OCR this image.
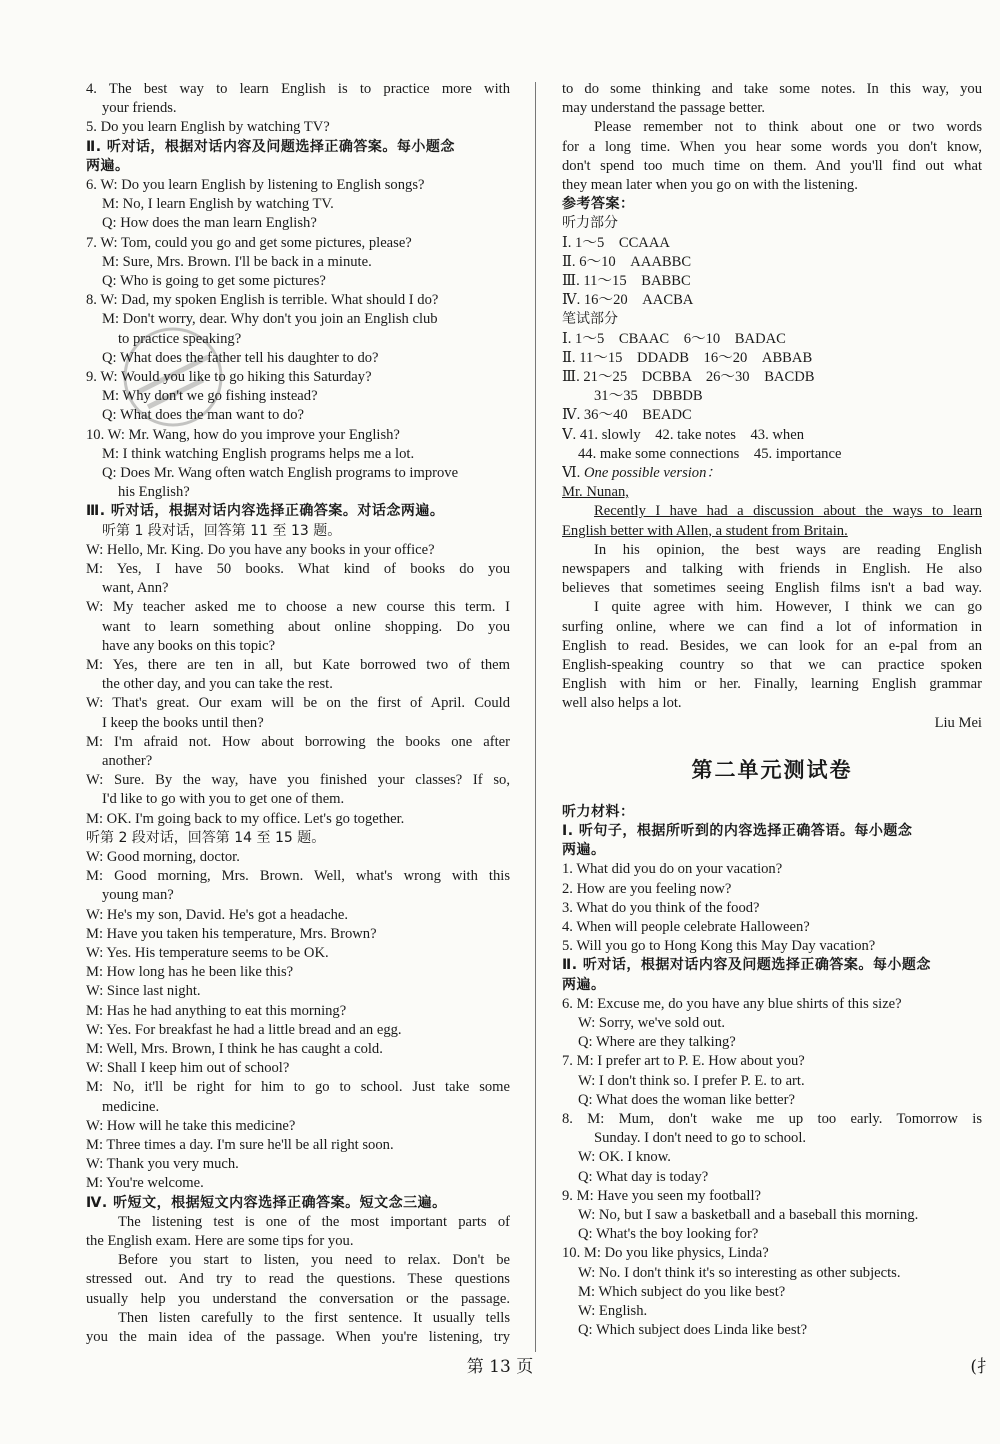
4. The best way to learn English is to practice more with
your friends.
5. Do you learn English by watching TV?
Ⅱ. 听对话，根据对话内容及问题选择正确答案。每小题念
两遍。
6. W: Do you learn English by listening to English songs?
M: No, I learn English by watching TV.
Q: How does the man learn English?
7. W: Tom, could you go and get some pictures, please?
M: Sure, Mrs. Brown. I'll be back in a minute.
Q: Who is going to get some pictures?
8. W: Dad, my spoken English is terrible. What should I do?
M: Don't worry, dear. Why don't you join an English club
to practice speaking?
Q: What does the father tell his daughter to do?
9. W: Would you like to go hiking this Saturday?
M: Why don't we go fishing instead?
Q: What does the man want to do?
10. W: Mr. Wang, how do you improve your English?
M: I think watching English programs helps me a lot.
Q: Does Mr. Wang often watch English programs to improve
his English?
Ⅲ. 听对话，根据对话内容选择正确答案。对话念两遍。
听第 1 段对话，回答第 11 至 13 题。
W: Hello, Mr. King. Do you have any books in your office?
M: Yes, I have 50 books. What kind of books do you
want, Ann?
W: My teacher asked me to choose a new course this term. I
want to learn something about online shopping. Do you
have any books on this topic?
M: Yes, there are ten in all, but Kate borrowed two of them
the other day, and you can take the rest.
W: That's great. Our exam will be on the first of April. Could
I keep the books until then?
M: I'm afraid not. How about borrowing the books one after
another?
W: Sure. By the way, have you finished your classes? If so,
I'd like to go with you to get one of them.
M: OK. I'm going back to my office. Let's go together.
听第 2 段对话，回答第 14 至 15 题。
W: Good morning, doctor.
M: Good morning, Mrs. Brown. Well, what's wrong with this
young man?
W: He's my son, David. He's got a headache.
M: Have you taken his temperature, Mrs. Brown?
W: Yes. His temperature seems to be OK.
M: How long has he been like this?
W: Since last night.
M: Has he had anything to eat this morning?
W: Yes. For breakfast he had a little bread and an egg.
M: Well, Mrs. Brown, I think he has caught a cold.
W: Shall I keep him out of school?
M: No, it'll be right for him to go to school. Just take some
medicine.
W: How will he take this medicine?
M: Three times a day. I'm sure he'll be all right soon.
W: Thank you very much.
M: You're welcome.
Ⅳ. 听短文，根据短文内容选择正确答案。短文念三遍。
The listening test is one of the most important parts of
the English exam. Here are some tips for you.
Before you start to listen, you need to relax. Don't be
stressed out. And try to read the questions. These questions
usually help you understand the conversation or the passage.
Then listen carefully to the first sentence. It usually tells
you the main idea of the passage. When you're listening, try
to do some thinking and take some notes. In this way, you
may understand the passage better.
Please remember not to think about one or two words
for a long time. When you hear some words you don't know,
don't spend too much time on them. And you'll find out what
they mean later when you go on with the listening.
参考答案：
听力部分
Ⅰ. 1～5　CCAAA
Ⅱ. 6～10　AAABBC
Ⅲ. 11～15　BABBC
Ⅳ. 16～20　AACBA
笔试部分
Ⅰ. 1～5　CBAAC　6～10　BADAC
Ⅱ. 11～15　DDADB　16～20　ABBAB
Ⅲ. 21～25　DCBBA　26～30　BACDB
31～35　DBBDB
Ⅳ. 36～40　BEADC
Ⅴ. 41. slowly　42. take notes　43. when
44. make some connections　45. importance
Ⅵ. One possible version：
Mr. Nunan,
Recently I have had a discussion about the ways to learn
English better with Allen, a student from Britain.
In his opinion, the best ways are reading English
newspapers and talking with friends in English. He also
believes that sometimes seeing English films isn't a bad way.
I quite agree with him. However, I think we can go
surfing online, where we can find a lot of information in
English to read. Besides, we can look for an e-pal from an
English-speaking country so that we can practice spoken
English with him or her. Finally, learning English grammar
well also helps a lot.
Liu Mei
第二单元测试卷
听力材料：
Ⅰ. 听句子，根据所听到的内容选择正确答语。每小题念
两遍。
1. What did you do on your vacation?
2. How are you feeling now?
3. What do you think of the food?
4. When will people celebrate Halloween?
5. Will you go to Hong Kong this May Day vacation?
Ⅱ. 听对话，根据对话内容及问题选择正确答案。每小题念
两遍。
6. M: Excuse me, do you have any blue shirts of this size?
W: Sorry, we've sold out.
Q: Where are they talking?
7. M: I prefer art to P. E. How about you?
W: I don't think so. I prefer P. E. to art.
Q: What does the woman like better?
8. M: Mum, don't wake me up too early. Tomorrow is
Sunday. I don't need to go to school.
W: OK. I know.
Q: What day is today?
9. M: Have you seen my football?
W: No, but I saw a basketball and a baseball this morning.
Q: What's the boy looking for?
10. M: Do you like physics, Linda?
W: No. I don't think it's so interesting as other subjects.
M: Which subject do you like best?
W: English.
Q: Which subject does Linda like best?
第 13 页	(扌
